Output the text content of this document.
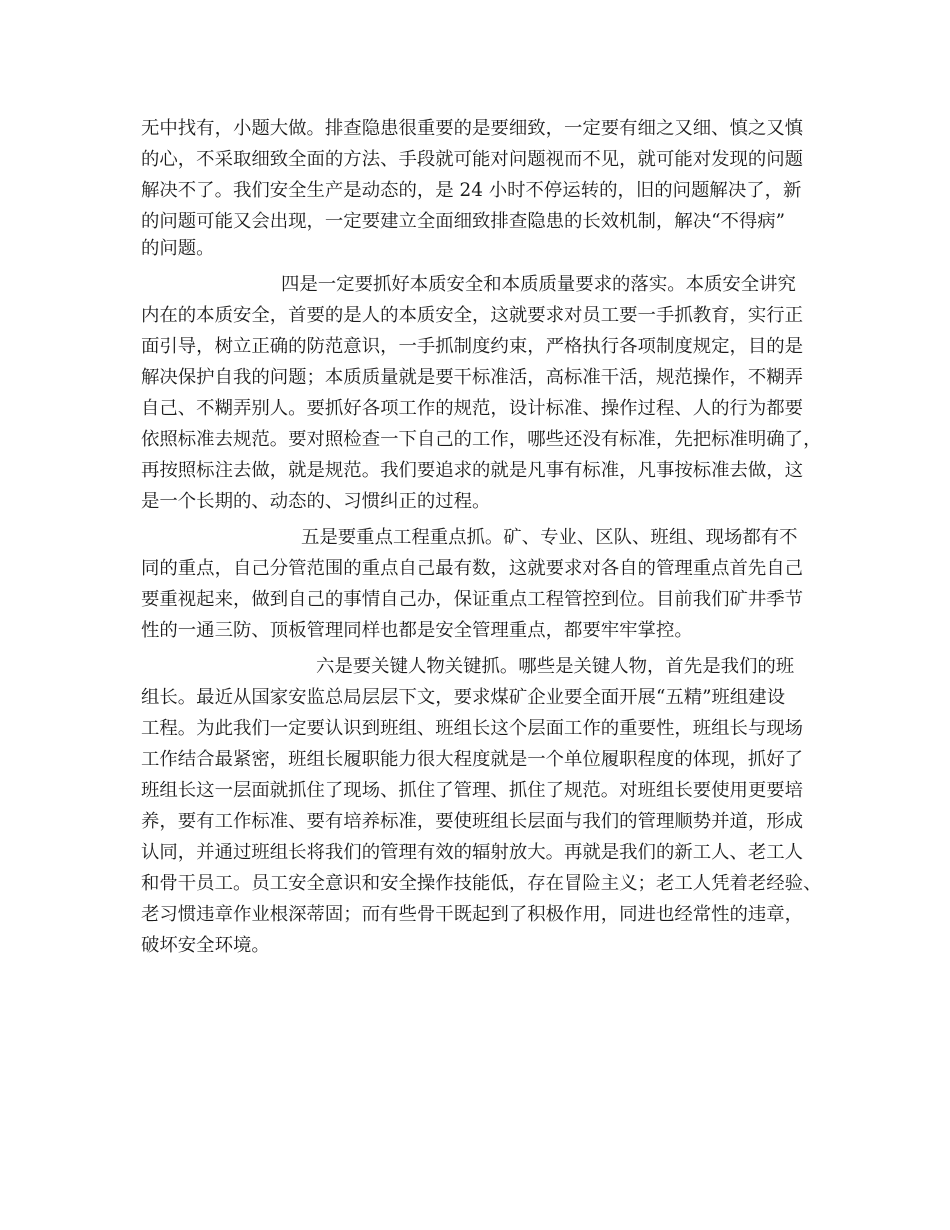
无中找有，小题大做。排查隐患很重要的是要细致，一定要有细之又细、慎之又慎
的心，不采取细致全面的方法、手段就可能对问题视而不见，就可能对发现的问题
解决不了。我们安全生产是动态的，是 24 小时不停运转的，旧的问题解决了，新
的问题可能又会出现，一定要建立全面细致排查隐患的长效机制，解决“不得病”
的问题。
四是一定要抓好本质安全和本质质量要求的落实。本质安全讲究
内在的本质安全，首要的是人的本质安全，这就要求对员工要一手抓教育，实行正
面引导，树立正确的防范意识，一手抓制度约束，严格执行各项制度规定，目的是
解决保护自我的问题；本质质量就是要干标准活，高标准干活，规范操作，不糊弄
自己、不糊弄别人。要抓好各项工作的规范，设计标准、操作过程、人的行为都要
依照标准去规范。要对照检查一下自己的工作，哪些还没有标准，先把标准明确了，
再按照标注去做，就是规范。我们要追求的就是凡事有标准，凡事按标准去做，这
是一个长期的、动态的、习惯纠正的过程。
五是要重点工程重点抓。矿、专业、区队、班组、现场都有不
同的重点，自己分管范围的重点自己最有数，这就要求对各自的管理重点首先自己
要重视起来，做到自己的事情自己办，保证重点工程管控到位。目前我们矿井季节
性的一通三防、顶板管理同样也都是安全管理重点，都要牢牢掌控。
六是要关键人物关键抓。哪些是关键人物，首先是我们的班
组长。最近从国家安监总局层层下文，要求煤矿企业要全面开展“五精”班组建设
工程。为此我们一定要认识到班组、班组长这个层面工作的重要性，班组长与现场
工作结合最紧密，班组长履职能力很大程度就是一个单位履职程度的体现，抓好了
班组长这一层面就抓住了现场、抓住了管理、抓住了规范。对班组长要使用更要培
养，要有工作标准、要有培养标准，要使班组长层面与我们的管理顺势并道，形成
认同，并通过班组长将我们的管理有效的辐射放大。再就是我们的新工人、老工人
和骨干员工。员工安全意识和安全操作技能低，存在冒险主义；老工人凭着老经验、
老习惯违章作业根深蒂固；而有些骨干既起到了积极作用，同进也经常性的违章，
破坏安全环境。
